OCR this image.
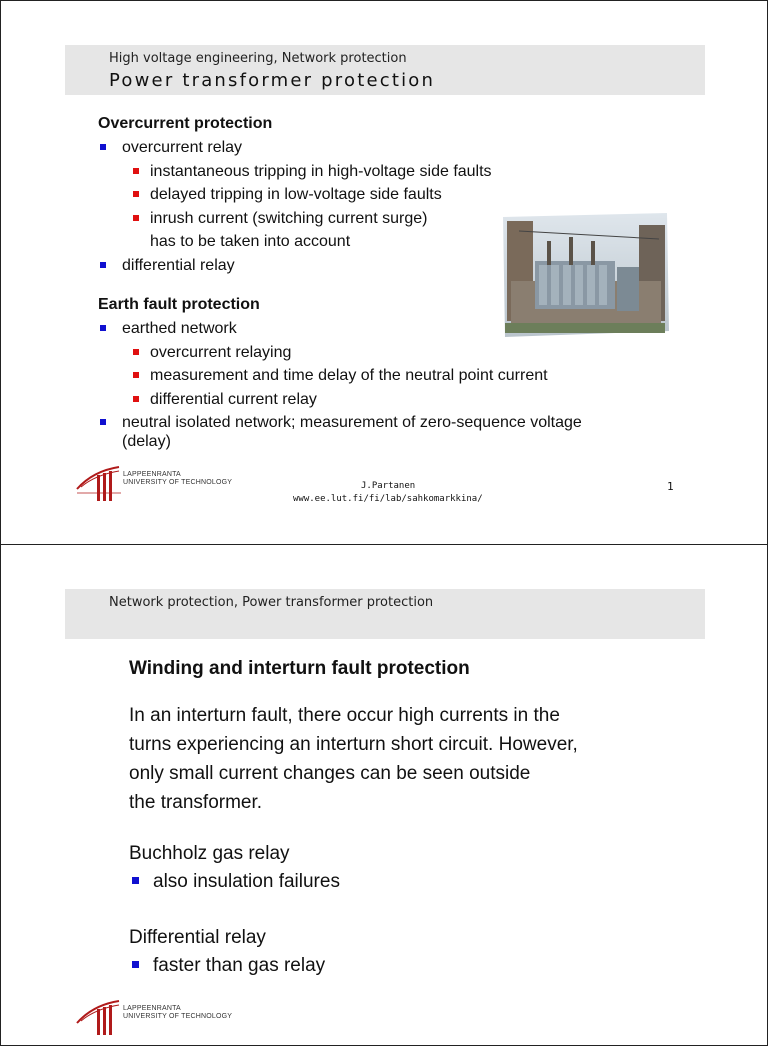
High voltage engineering, Network protection
Power transformer protection
Overcurrent protection
overcurrent relay
instantaneous tripping in high-voltage side faults
delayed tripping in low-voltage side faults
inrush current (switching current surge)
has to be taken into account
differential relay
Earth fault protection
earthed network
overcurrent relaying
measurement and time delay of the neutral point current
differential current relay
neutral isolated network; measurement of zero-sequence voltage
(delay)
LAPPEENRANTA
UNIVERSITY OF TECHNOLOGY	J.Partanen
www.ee.lut.fi/fi/lab/sahkomarkkina/
1
Network protection, Power transformer protection
Winding and interturn fault protection
In an interturn fault, there occur high currents in the
turns experiencing an interturn short circuit. However,
only small current changes can be seen outside
the transformer.
Buchholz gas relay
also insulation failures
Differential relay
faster than gas relay
LAPPEENRANTA
UNIVERSITY OF TECHNOLOGY
